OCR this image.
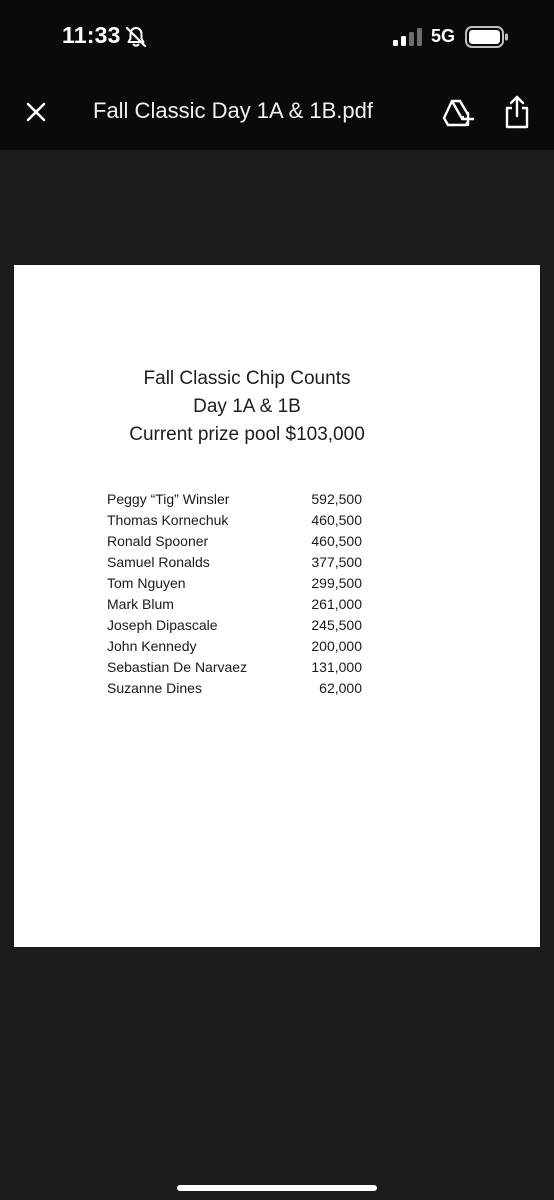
11:33	5G
Fall Classic Day 1A & 1B.pdf
Fall Classic Chip Counts
Day 1A & 1B
Current prize pool $103,000
Peggy “Tig” Winsler	592,500
Thomas Kornechuk	460,500
Ronald Spooner	460,500
Samuel Ronalds	377,500
Tom Nguyen	299,500
Mark Blum	261,000
Joseph Dipascale	245,500
John Kennedy	200,000
Sebastian De Narvaez	131,000
Suzanne Dines	62,000
